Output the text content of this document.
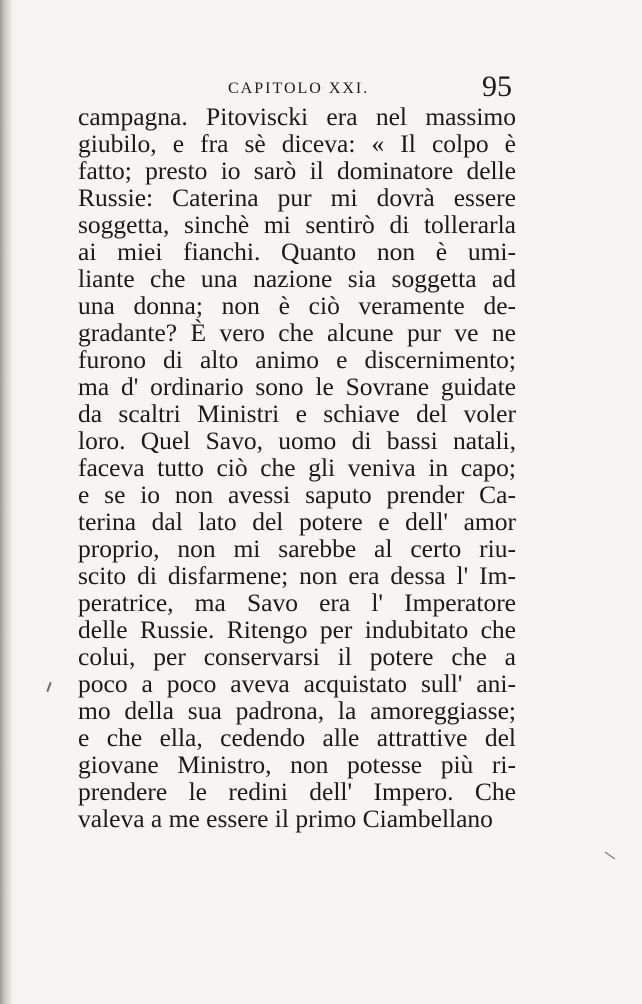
CAPITOLO XXI.	95
campagna. Pitoviscki era nel massimo
giubilo, e fra sè diceva: « Il colpo è
fatto; presto io sarò il dominatore delle
Russie: Caterina pur mi dovrà essere
soggetta, sinchè mi sentirò di tollerarla
ai miei fianchi. Quanto non è umi-
liante che una nazione sia soggetta ad
una donna; non è ciò veramente de-
gradante? È vero che alcune pur ve ne
furono di alto animo e discernimento;
ma d' ordinario sono le Sovrane guidate
da scaltri Ministri e schiave del voler
loro. Quel Savo, uomo di bassi natali,
faceva tutto ciò che gli veniva in capo;
e se io non avessi saputo prender Ca-
terina dal lato del potere e dell' amor
proprio, non mi sarebbe al certo riu-
scito di disfarmene; non era dessa l' Im-
peratrice, ma Savo era l' Imperatore
delle Russie. Ritengo per indubitato che
colui, per conservarsi il potere che a
poco a poco aveva acquistato sull' ani-
mo della sua padrona, la amoreggiasse;
e che ella, cedendo alle attrattive del
giovane Ministro, non potesse più ri-
prendere le redini dell' Impero. Che
valeva a me essere il primo Ciambellano
